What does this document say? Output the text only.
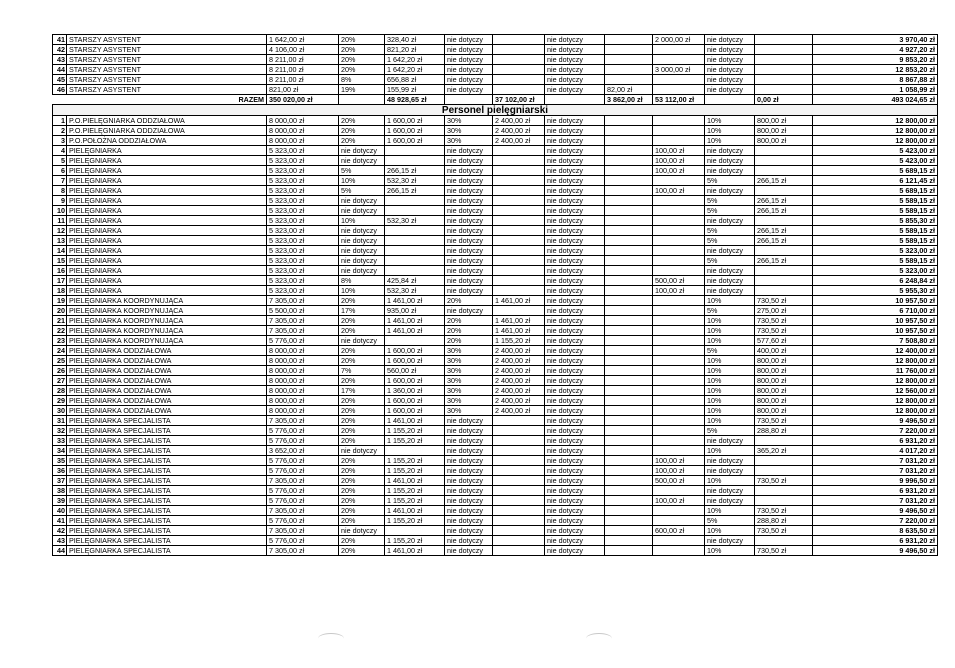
41	STARSZY ASYSTENT	1 642,00 zł	20%	328,40 zł	nie dotyczy		nie dotyczy		2 000,00 zł	nie dotyczy		3 970,40 zł
42	STARSZY ASYSTENT	4 106,00 zł	20%	821,20 zł	nie dotyczy		nie dotyczy			nie dotyczy		4 927,20 zł
43	STARSZY ASYSTENT	8 211,00 zł	20%	1 642,20 zł	nie dotyczy		nie dotyczy			nie dotyczy		9 853,20 zł
44	STARSZY ASYSTENT	8 211,00 zł	20%	1 642,20 zł	nie dotyczy		nie dotyczy		3 000,00 zł	nie dotyczy		12 853,20 zł
45	STARSZY ASYSTENT	8 211,00 zł	8%	656,88 zł	nie dotyczy		nie dotyczy			nie dotyczy		8 867,88 zł
46	STARSZY ASYSTENT	821,00 zł	19%	155,99 zł	nie dotyczy		nie dotyczy	82,00 zł		nie dotyczy		1 058,99 zł
RAZEM		350 020,00 zł		48 928,65 zł		37 102,00 zł		3 862,00 zł	53 112,00 zł		0,00 zł	493 024,65 zł
Personel pielęgniarski												
1	P.O.PIELĘGNIARKA ODDZIAŁOWA	8 000,00 zł	20%	1 600,00 zł	30%	2 400,00 zł	nie dotyczy			10%	800,00 zł	12 800,00 zł
2	P.O.PIELĘGNIARKA ODDZIAŁOWA	8 000,00 zł	20%	1 600,00 zł	30%	2 400,00 zł	nie dotyczy			10%	800,00 zł	12 800,00 zł
3	P.O.POŁOŻNA ODDZIAŁOWA	8 000,00 zł	20%	1 600,00 zł	30%	2 400,00 zł	nie dotyczy			10%	800,00 zł	12 800,00 zł
4	PIELĘGNIARKA	5 323,00 zł	nie dotyczy		nie dotyczy		nie dotyczy		100,00 zł	nie dotyczy		5 423,00 zł
5	PIELĘGNIARKA	5 323,00 zł	nie dotyczy		nie dotyczy		nie dotyczy		100,00 zł	nie dotyczy		5 423,00 zł
6	PIELĘGNIARKA	5 323,00 zł	5%	266,15 zł	nie dotyczy		nie dotyczy		100,00 zł	nie dotyczy		5 689,15 zł
7	PIELĘGNIARKA	5 323,00 zł	10%	532,30 zł	nie dotyczy		nie dotyczy			5%	266,15 zł	6 121,45 zł
8	PIELĘGNIARKA	5 323,00 zł	5%	266,15 zł	nie dotyczy		nie dotyczy		100,00 zł	nie dotyczy		5 689,15 zł
9	PIELĘGNIARKA	5 323,00 zł	nie dotyczy		nie dotyczy		nie dotyczy			5%	266,15 zł	5 589,15 zł
10	PIELĘGNIARKA	5 323,00 zł	nie dotyczy		nie dotyczy		nie dotyczy			5%	266,15 zł	5 589,15 zł
11	PIELĘGNIARKA	5 323,00 zł	10%	532,30 zł	nie dotyczy		nie dotyczy			nie dotyczy		5 855,30 zł
12	PIELĘGNIARKA	5 323,00 zł	nie dotyczy		nie dotyczy		nie dotyczy			5%	266,15 zł	5 589,15 zł
13	PIELĘGNIARKA	5 323,00 zł	nie dotyczy		nie dotyczy		nie dotyczy			5%	266,15 zł	5 589,15 zł
14	PIELĘGNIARKA	5 323,00 zł	nie dotyczy		nie dotyczy		nie dotyczy			nie dotyczy		5 323,00 zł
15	PIELĘGNIARKA	5 323,00 zł	nie dotyczy		nie dotyczy		nie dotyczy			5%	266,15 zł	5 589,15 zł
16	PIELĘGNIARKA	5 323,00 zł	nie dotyczy		nie dotyczy		nie dotyczy			nie dotyczy		5 323,00 zł
17	PIELĘGNIARKA	5 323,00 zł	8%	425,84 zł	nie dotyczy		nie dotyczy		500,00 zł	nie dotyczy		6 248,84 zł
18	PIELĘGNIARKA	5 323,00 zł	10%	532,30 zł	nie dotyczy		nie dotyczy		100,00 zł	nie dotyczy		5 955,30 zł
19	PIELĘGNIARKA KOORDYNUJĄCA	7 305,00 zł	20%	1 461,00 zł	20%	1 461,00 zł	nie dotyczy			10%	730,50 zł	10 957,50 zł
20	PIELĘGNIARKA KOORDYNUJĄCA	5 500,00 zł	17%	935,00 zł	nie dotyczy		nie dotyczy			5%	275,00 zł	6 710,00 zł
21	PIELĘGNIARKA KOORDYNUJĄCA	7 305,00 zł	20%	1 461,00 zł	20%	1 461,00 zł	nie dotyczy			10%	730,50 zł	10 957,50 zł
22	PIELĘGNIARKA KOORDYNUJĄCA	7 305,00 zł	20%	1 461,00 zł	20%	1 461,00 zł	nie dotyczy			10%	730,50 zł	10 957,50 zł
23	PIELĘGNIARKA KOORDYNUJĄCA	5 776,00 zł	nie dotyczy		20%	1 155,20 zł	nie dotyczy			10%	577,60 zł	7 508,80 zł
24	PIELĘGNIARKA ODDZIAŁOWA	8 000,00 zł	20%	1 600,00 zł	30%	2 400,00 zł	nie dotyczy			5%	400,00 zł	12 400,00 zł
25	PIELĘGNIARKA ODDZIAŁOWA	8 000,00 zł	20%	1 600,00 zł	30%	2 400,00 zł	nie dotyczy			10%	800,00 zł	12 800,00 zł
26	PIELĘGNIARKA ODDZIAŁOWA	8 000,00 zł	7%	560,00 zł	30%	2 400,00 zł	nie dotyczy			10%	800,00 zł	11 760,00 zł
27	PIELĘGNIARKA ODDZIAŁOWA	8 000,00 zł	20%	1 600,00 zł	30%	2 400,00 zł	nie dotyczy			10%	800,00 zł	12 800,00 zł
28	PIELĘGNIARKA ODDZIAŁOWA	8 000,00 zł	17%	1 360,00 zł	30%	2 400,00 zł	nie dotyczy			10%	800,00 zł	12 560,00 zł
29	PIELĘGNIARKA ODDZIAŁOWA	8 000,00 zł	20%	1 600,00 zł	30%	2 400,00 zł	nie dotyczy			10%	800,00 zł	12 800,00 zł
30	PIELĘGNIARKA ODDZIAŁOWA	8 000,00 zł	20%	1 600,00 zł	30%	2 400,00 zł	nie dotyczy			10%	800,00 zł	12 800,00 zł
31	PIELĘGNIARKA SPECJALISTA	7 305,00 zł	20%	1 461,00 zł	nie dotyczy		nie dotyczy			10%	730,50 zł	9 496,50 zł
32	PIELĘGNIARKA SPECJALISTA	5 776,00 zł	20%	1 155,20 zł	nie dotyczy		nie dotyczy			5%	288,80 zł	7 220,00 zł
33	PIELĘGNIARKA SPECJALISTA	5 776,00 zł	20%	1 155,20 zł	nie dotyczy		nie dotyczy			nie dotyczy		6 931,20 zł
34	PIELĘGNIARKA SPECJALISTA	3 652,00 zł	nie dotyczy		nie dotyczy		nie dotyczy			10%	365,20 zł	4 017,20 zł
35	PIELĘGNIARKA SPECJALISTA	5 776,00 zł	20%	1 155,20 zł	nie dotyczy		nie dotyczy		100,00 zł	nie dotyczy		7 031,20 zł
36	PIELĘGNIARKA SPECJALISTA	5 776,00 zł	20%	1 155,20 zł	nie dotyczy		nie dotyczy		100,00 zł	nie dotyczy		7 031,20 zł
37	PIELĘGNIARKA SPECJALISTA	7 305,00 zł	20%	1 461,00 zł	nie dotyczy		nie dotyczy		500,00 zł	10%	730,50 zł	9 996,50 zł
38	PIELĘGNIARKA SPECJALISTA	5 776,00 zł	20%	1 155,20 zł	nie dotyczy		nie dotyczy			nie dotyczy		6 931,20 zł
39	PIELĘGNIARKA SPECJALISTA	5 776,00 zł	20%	1 155,20 zł	nie dotyczy		nie dotyczy		100,00 zł	nie dotyczy		7 031,20 zł
40	PIELĘGNIARKA SPECJALISTA	7 305,00 zł	20%	1 461,00 zł	nie dotyczy		nie dotyczy			10%	730,50 zł	9 496,50 zł
41	PIELĘGNIARKA SPECJALISTA	5 776,00 zł	20%	1 155,20 zł	nie dotyczy		nie dotyczy			5%	288,80 zł	7 220,00 zł
42	PIELĘGNIARKA SPECJALISTA	7 305,00 zł	nie dotyczy		nie dotyczy		nie dotyczy		600,00 zł	10%	730,50 zł	8 635,50 zł
43	PIELĘGNIARKA SPECJALISTA	5 776,00 zł	20%	1 155,20 zł	nie dotyczy		nie dotyczy			nie dotyczy		6 931,20 zł
44	PIELĘGNIARKA SPECJALISTA	7 305,00 zł	20%	1 461,00 zł	nie dotyczy		nie dotyczy			10%	730,50 zł	9 496,50 zł
